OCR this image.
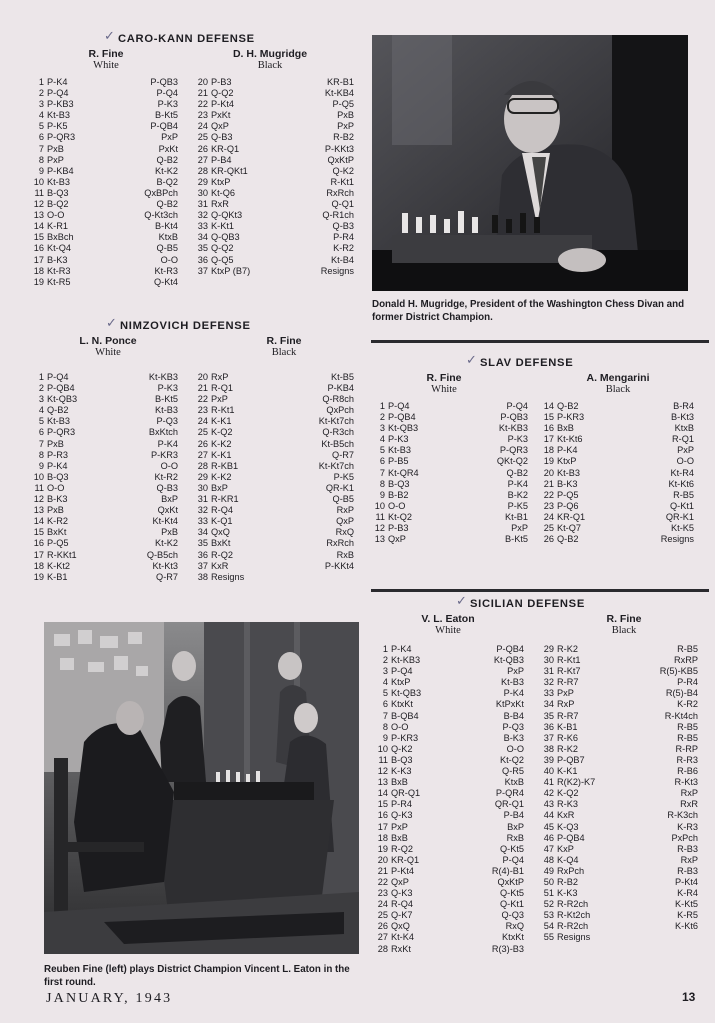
✓ CARO-KANN DEFENSE
R. Fine
White
D. H. Mugridge
Black
1 P-K4	P-QB3
2 P-Q4	P-Q4
3 P-KB3	P-K3
4 Kt-B3	B-Kt5
5 P-K5	P-QB4
6 P-QR3	PxP
7 PxB	PxKt
8 PxP	Q-B2
9 P-KB4	Kt-K2
10 Kt-B3	B-Q2
11 B-Q3	QxBPch
12 B-Q2	Q-B2
13 O-O	Q-Kt3ch
14 K-R1	B-Kt4
15 BxBch	KtxB
16 Kt-Q4	Q-B5
17 B-K3	O-O
18 Kt-R3	Kt-R3
19 Kt-R5	Q-Kt4
20 P-B3	KR-B1
21 Q-Q2	Kt-KB4
22 P-Kt4	P-Q5
23 PxKt	PxB
24 QxP	PxP
25 Q-B3	R-B2
26 KR-Q1	P-KKt3
27 P-B4	QxKtP
28 KR-QKt1	Q-K2
29 KtxP	R-Kt1
30 Kt-Q6	RxRch
31 RxR	Q-Q1
32 Q-QKt3	Q-R1ch
33 K-Kt1	Q-B3
34 Q-QB3	P-R4
35 Q-Q2	K-R2
36 Q-Q5	Kt-B4
37 KtxP (B7)	Resigns
Donald H. Mugridge, President of the Washington Chess Divan and former District Champion.
✓ NIMZOVICH DEFENSE
L. N. Ponce
White
R. Fine
Black
1 P-Q4	Kt-KB3
2 P-QB4	P-K3
3 Kt-QB3	B-Kt5
4 Q-B2	Kt-B3
5 Kt-B3	P-Q3
6 P-QR3	BxKtch
7 PxB	P-K4
8 P-R3	P-KR3
9 P-K4	O-O
10 B-Q3	Kt-R2
11 O-O	Q-B3
12 B-K3	BxP
13 PxB	QxKt
14 K-R2	Kt-Kt4
15 BxKt	PxB
16 P-Q5	Kt-K2
17 R-KKt1	Q-B5ch
18 K-Kt2	Kt-Kt3
19 K-B1	Q-R7
20 RxP	Kt-B5
21 R-Q1	P-KB4
22 PxP	Q-R8ch
23 R-Kt1	QxPch
24 K-K1	Kt-Kt7ch
25 K-Q2	Q-R3ch
26 K-K2	Kt-B5ch
27 K-K1	Q-R7
28 R-KB1	Kt-Kt7ch
29 K-K2	P-K5
30 BxP	QR-K1
31 R-KR1	Q-B5
32 R-Q4	RxP
33 K-Q1	QxP
34 QxQ	RxQ
35 BxKt	RxRch
36 R-Q2	RxB
37 KxR	P-KKt4
38 Resigns
✓ SLAV DEFENSE
R. Fine
White
A. Mengarini
Black
1 P-Q4	P-Q4
2 P-QB4	P-QB3
3 Kt-QB3	Kt-KB3
4 P-K3	P-K3
5 Kt-B3	P-QR3
6 P-B5	QKt-Q2
7 Kt-QR4	Q-B2
8 B-Q3	P-K4
9 B-B2	B-K2
10 O-O	P-K5
11 Kt-Q2	Kt-B1
12 P-B3	PxP
13 QxP	B-Kt5
14 Q-B2	B-R4
15 P-KR3	B-Kt3
16 BxB	KtxB
17 Kt-Kt6	R-Q1
18 P-K4	PxP
19 KtxP	O-O
20 Kt-B3	Kt-R4
21 B-K3	Kt-Kt6
22 P-Q5	R-B5
23 P-Q6	Q-Kt1
24 KR-Q1	QR-K1
25 Kt-Q7	Kt-K5
26 Q-B2	Resigns
✓ SICILIAN DEFENSE
V. L. Eaton
White
R. Fine
Black
1 P-K4	P-QB4
2 Kt-KB3	Kt-QB3
3 P-Q4	PxP
4 KtxP	Kt-B3
5 Kt-QB3	P-K4
6 KtxKt	KtPxKt
7 B-QB4	B-B4
8 O-O	P-Q3
9 P-KR3	B-K3
10 Q-K2	O-O
11 B-Q3	Kt-Q2
12 K-K3	Q-R5
13 BxB	KtxB
14 QR-Q1	P-QR4
15 P-R4	QR-Q1
16 Q-K3	P-B4
17 PxP	BxP
18 BxB	RxB
19 R-Q2	Q-Kt5
20 KR-Q1	P-Q4
21 P-Kt4	R(4)-B1
22 QxP	QxKtP
23 Q-K3	Q-Kt5
24 R-Q4	Q-Kt1
25 Q-K7	Q-Q3
26 QxQ	RxQ
27 Kt-K4	KtxKt
28 RxKt	R(3)-B3
29 R-K2	R-B5
30 R-Kt1	RxRP
31 R-Kt7	R(5)-KB5
32 R-R7	P-R4
33 PxP	R(5)-B4
34 RxP	K-R2
35 R-R7	R-Kt4ch
36 K-B1	R-B5
37 R-K6	R-B5
38 R-K2	R-RP
39 P-QB7	R-R3
40 K-K1	R-B6
41 R(K2)-K7	R-Kt3
42 K-Q2	RxP
43 R-K3	RxR
44 KxR	R-K3ch
45 K-Q3	K-R3
46 P-QB4	PxPch
47 KxP	R-B3
48 K-Q4	RxP
49 RxPch	R-B3
50 R-B2	P-Kt4
51 K-K3	K-R4
52 R-R2ch	K-Kt5
53 R-Kt2ch	K-R5
54 R-R2ch	K-Kt6
55 Resigns
Reuben Fine (left) plays District Champion Vincent L. Eaton in the first round.
JANUARY, 1943	13
